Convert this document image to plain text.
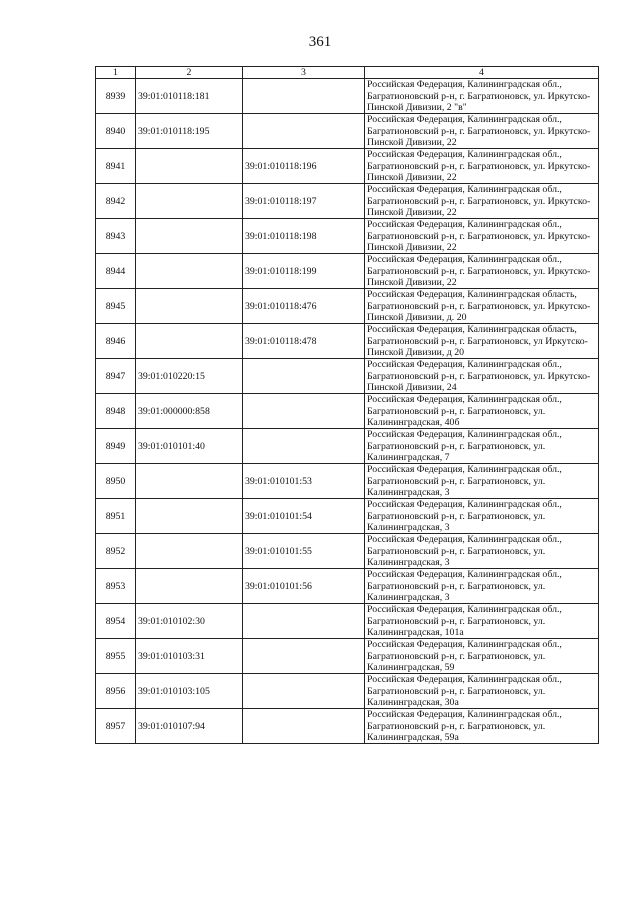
361
1	2	3	4
8939	39:01:010118:181		Российская Федерация, Калининградская обл., Багратионовский р-н, г. Багратионовск, ул. Иркутско-Пинской Дивизии, 2 "в"
8940	39:01:010118:195		Российская Федерация, Калининградская обл., Багратионовский р-н, г. Багратионовск, ул. Иркутско-Пинской Дивизии, 22
8941		39:01:010118:196	Российская Федерация, Калининградская обл., Багратионовский р-н, г. Багратионовск, ул. Иркутско-Пинской Дивизии, 22
8942		39:01:010118:197	Российская Федерация, Калининградская обл., Багратионовский р-н, г. Багратионовск, ул. Иркутско-Пинской Дивизии, 22
8943		39:01:010118:198	Российская Федерация, Калининградская обл., Багратионовский р-н, г. Багратионовск, ул. Иркутско-Пинской Дивизии, 22
8944		39:01:010118:199	Российская Федерация, Калининградская обл., Багратионовский р-н, г. Багратионовск, ул. Иркутско-Пинской Дивизии, 22
8945		39:01:010118:476	Российская Федерация, Калининградская область, Багратионовский р-н, г. Багратионовск, ул. Иркутско-Пинской Дивизии, д. 20
8946		39:01:010118:478	Российская Федерация, Калининградская область, Багратионовский р-н, г. Багратионовск, ул Иркутско-Пинской Дивизии, д 20
8947	39:01:010220:15		Российская Федерация, Калининградская обл., Багратионовский р-н, г. Багратионовск, ул. Иркутско-Пинской Дивизии, 24
8948	39:01:000000:858		Российская Федерация, Калининградская обл., Багратионовский р-н, г. Багратионовск, ул. Калининградская, 40б
8949	39:01:010101:40		Российская Федерация, Калининградская обл., Багратионовский р-н, г. Багратионовск, ул. Калининградская, 7
8950		39:01:010101:53	Российская Федерация, Калининградская обл., Багратионовский р-н, г. Багратионовск, ул. Калининградская, 3
8951		39:01:010101:54	Российская Федерация, Калининградская обл., Багратионовский р-н, г. Багратионовск, ул. Калининградская, 3
8952		39:01:010101:55	Российская Федерация, Калининградская обл., Багратионовский р-н, г. Багратионовск, ул. Калининградская, 3
8953		39:01:010101:56	Российская Федерация, Калининградская обл., Багратионовский р-н, г. Багратионовск, ул. Калининградская, 3
8954	39:01:010102:30		Российская Федерация, Калининградская обл., Багратионовский р-н, г. Багратионовск, ул. Калининградская, 101а
8955	39:01:010103:31		Российская Федерация, Калининградская обл., Багратионовский р-н, г. Багратионовск, ул. Калининградская, 59
8956	39:01:010103:105		Российская Федерация, Калининградская обл., Багратионовский р-н, г. Багратионовск, ул. Калининградская, 30а
8957	39:01:010107:94		Российская Федерация, Калининградская обл., Багратионовский р-н, г. Багратионовск, ул. Калининградская, 59а
